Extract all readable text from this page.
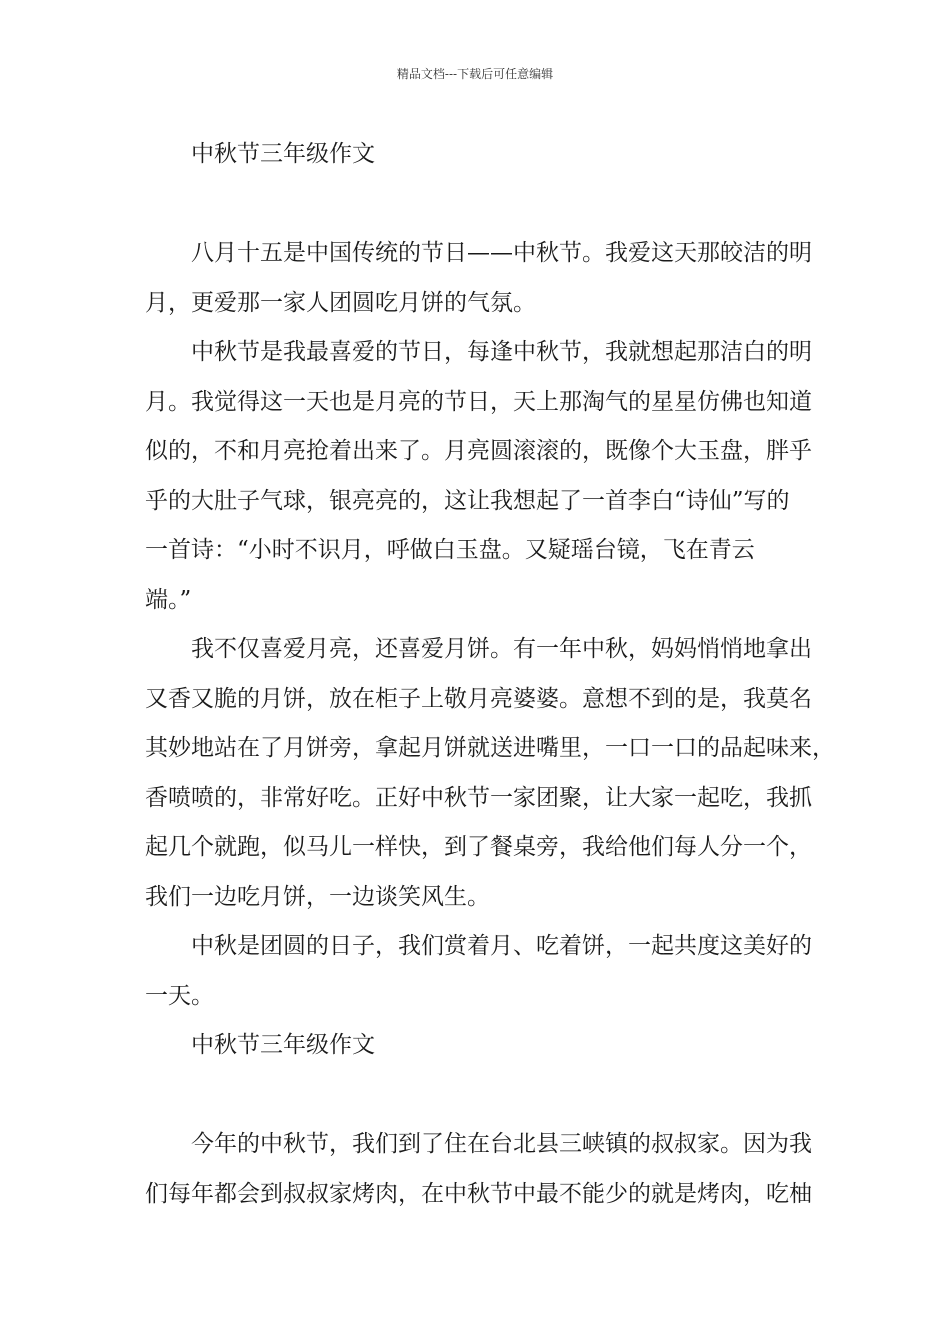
精品文档---下载后可任意编辑
中秋节三年级作文
八月十五是中国传统的节日——中秋节。我爱这天那皎洁的明
月，更爱那一家人团圆吃月饼的气氛。
中秋节是我最喜爱的节日，每逢中秋节，我就想起那洁白的明
月。我觉得这一天也是月亮的节日，天上那淘气的星星仿佛也知道
似的，不和月亮抢着出来了。月亮圆滚滚的，既像个大玉盘，胖乎
乎的大肚子气球，银亮亮的，这让我想起了一首李白“诗仙”写的
一首诗：“小时不识月，呼做白玉盘。又疑瑶台镜，飞在青云
端。”
我不仅喜爱月亮，还喜爱月饼。有一年中秋，妈妈悄悄地拿出
又香又脆的月饼，放在柜子上敬月亮婆婆。意想不到的是，我莫名
其妙地站在了月饼旁，拿起月饼就送进嘴里，一口一口的品起味来，
香喷喷的，非常好吃。正好中秋节一家团聚，让大家一起吃，我抓
起几个就跑，似马儿一样快，到了餐桌旁，我给他们每人分一个，
我们一边吃月饼，一边谈笑风生。
中秋是团圆的日子，我们赏着月、吃着饼，一起共度这美好的
一天。
中秋节三年级作文
今年的中秋节，我们到了住在台北县三峡镇的叔叔家。因为我
们每年都会到叔叔家烤肉，在中秋节中最不能少的就是烤肉，吃柚
